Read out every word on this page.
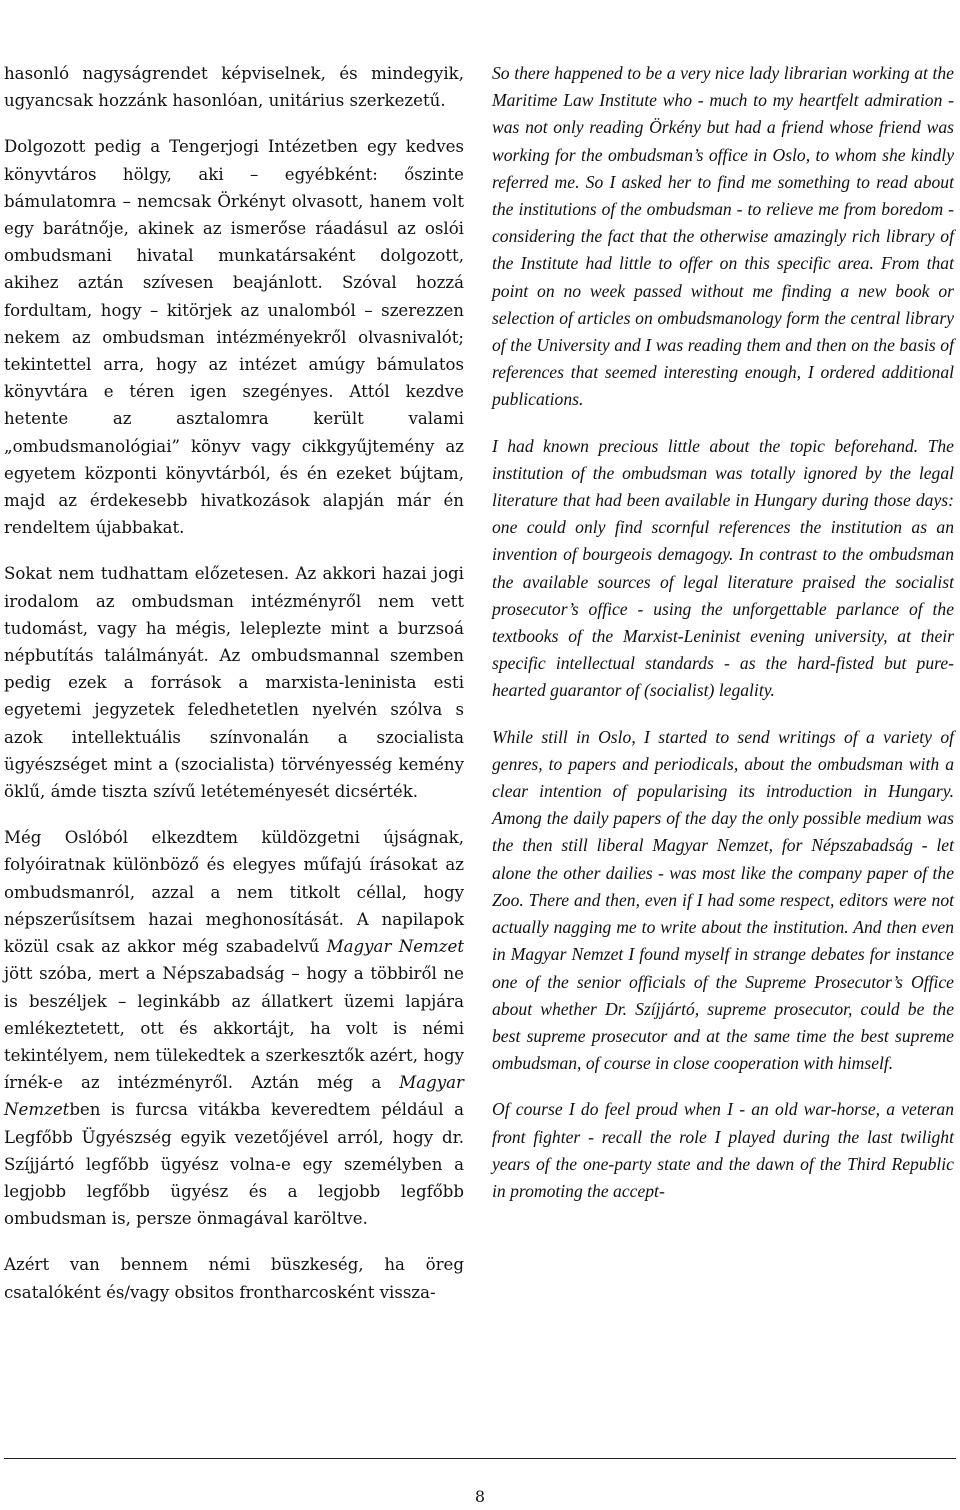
hasonló nagyságrendet képviselnek, és mindegyik, ugyancsak hozzánk hasonlóan, unitárius szerkezetű.

Dolgozott pedig a Tengerjogi Intézetben egy kedves könyvtáros hölgy, aki – egyébként: őszinte bámulatomra – nemcsak Örkényt olvasott, hanem volt egy barátnője, akinek az ismerőse ráadásul az oslói ombudsmani hivatal munkatársaként dolgozott, akihez aztán szívesen beajánlott. Szóval hozzá fordultam, hogy – kitörjek az unalomból – szerezzen nekem az ombudsman intézményekről olvasnivalót; tekintettel arra, hogy az intézet amúgy bámulatos könyvtára e téren igen szegényes. Attól kezdve hetente az asztalomra került valami „ombudsmanológiai” könyv vagy cikkgyűjtemény az egyetem központi könyvtárból, és én ezeket bújtam, majd az érdekesebb hivatkozások alapján már én rendeltem újabbakat.

Sokat nem tudhattam előzetesen. Az akkori hazai jogi irodalom az ombudsman intézményről nem vett tudomást, vagy ha mégis, leleplezte mint a burzsoá népbutítás találmányát. Az ombudsmannal szemben pedig ezek a források a marxista-leninista esti egyetemi jegyzetek feledhetetlen nyelvén szólva s azok intellektuális színvonalán a szocialista ügyészséget mint a (szocialista) törvényesség kemény öklű, ámde tiszta szívű letéteményesét dicsérték.

Még Oslóból elkezdtem küldözgetni újságnak, folyóiratnak különböző és elegyes műfajú írásokat az ombudsmanról, azzal a nem titkolt céllal, hogy népszerűsítsem hazai meghonosítását. A napilapok közül csak az akkor még szabadelvű Magyar Nemzet jött szóba, mert a Népszabadság – hogy a többiről ne is beszéljek – leginkább az állatkert üzemi lapjára emlékeztetett, ott és akkortájt, ha volt is némi tekintélyem, nem tülekedtek a szerkesztők azért, hogy írnék-e az intézményről. Aztán még a Magyar Nemzetben is furcsa vitákba keveredtem például a Legfőbb Ügyészség egyik vezetőjével arról, hogy dr. Szíjjártó legfőbb ügyész volna-e egy személyben a legjobb legfőbb ügyész és a legjobb legfőbb ombudsman is, persze önmagával karöltve.

Azért van bennem némi büszkeség, ha öreg csatalóként és/vagy obsitos frontharcosként vissza-

So there happened to be a very nice lady librarian working at the Maritime Law Institute who - much to my heartfelt admiration - was not only reading Örkény but had a friend whose friend was working for the ombudsman’s office in Oslo, to whom she kindly referred me. So I asked her to find me something to read about the institutions of the ombudsman - to relieve me from boredom - considering the fact that the otherwise amazingly rich library of the Institute had little to offer on this specific area. From that point on no week passed without me finding a new book or selection of articles on ombudsmanology form the central library of the University and I was reading them and then on the basis of references that seemed interesting enough, I ordered additional publications.

I had known precious little about the topic beforehand. The institution of the ombudsman was totally ignored by the legal literature that had been available in Hungary during those days: one could only find scornful references the institution as an invention of bourgeois demagogy. In contrast to the ombudsman the available sources of legal literature praised the socialist prosecutor’s office - using the unforgettable parlance of the textbooks of the Marxist-Leninist evening university, at their specific intellectual standards - as the hard-fisted but pure-hearted guarantor of (socialist) legality.

While still in Oslo, I started to send writings of a variety of genres, to papers and periodicals, about the ombudsman with a clear intention of popularising its introduction in Hungary. Among the daily papers of the day the only possible medium was the then still liberal Magyar Nemzet, for Népszabadság - let alone the other dailies - was most like the company paper of the Zoo. There and then, even if I had some respect, editors were not actually nagging me to write about the institution. And then even in Magyar Nemzet I found myself in strange debates for instance one of the senior officials of the Supreme Prosecutor’s Office about whether Dr. Szíjjártó, supreme prosecutor, could be the best supreme prosecutor and at the same time the best supreme ombudsman, of course in close cooperation with himself.

Of course I do feel proud when I - an old war-horse, a veteran front fighter - recall the role I played during the last twilight years of the one-party state and the dawn of the Third Republic in promoting the accept-

8
